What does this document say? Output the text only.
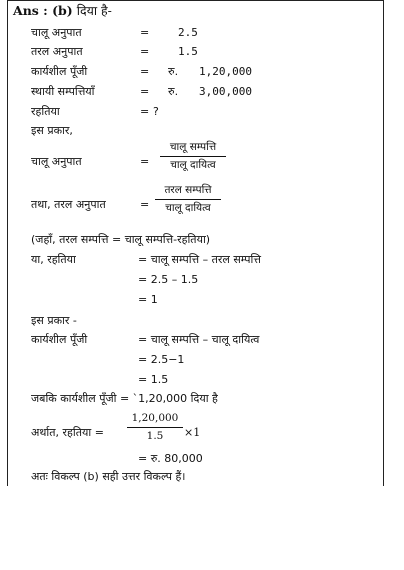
Ans : (b) दिया है-
चालू अनुपात	=	2.5
तरल अनुपात	=	1.5
कार्यशील पूँजी	= रु. 1,20,000
स्थायी सम्पत्तियाँ	= रु. 3,00,000
रहतिया	= ?
इस प्रकार,
चालू अनुपात	=
चालू सम्पत्ति
चालू दायित्व
तथा, तरल अनुपात	=
तरल सम्पत्ति
चालू दायित्व
(जहाँ, तरल सम्पत्ति = चालू सम्पत्ति-रहतिया)
या, रहतिया	= चालू सम्पत्ति – तरल सम्पत्ति
= 2.5 – 1.5
= 1
इस प्रकार -
कार्यशील पूँजी	= चालू सम्पत्ति – चालू दायित्व
= 2.5−1
= 1.5
जबकि कार्यशील पूँजी = `1,20,000 दिया है
अर्थात, रहतिया =
1,20,000
1.5	×1
= रु. 80,000
अतः विकल्प (b) सही उत्तर विकल्प हैं।
